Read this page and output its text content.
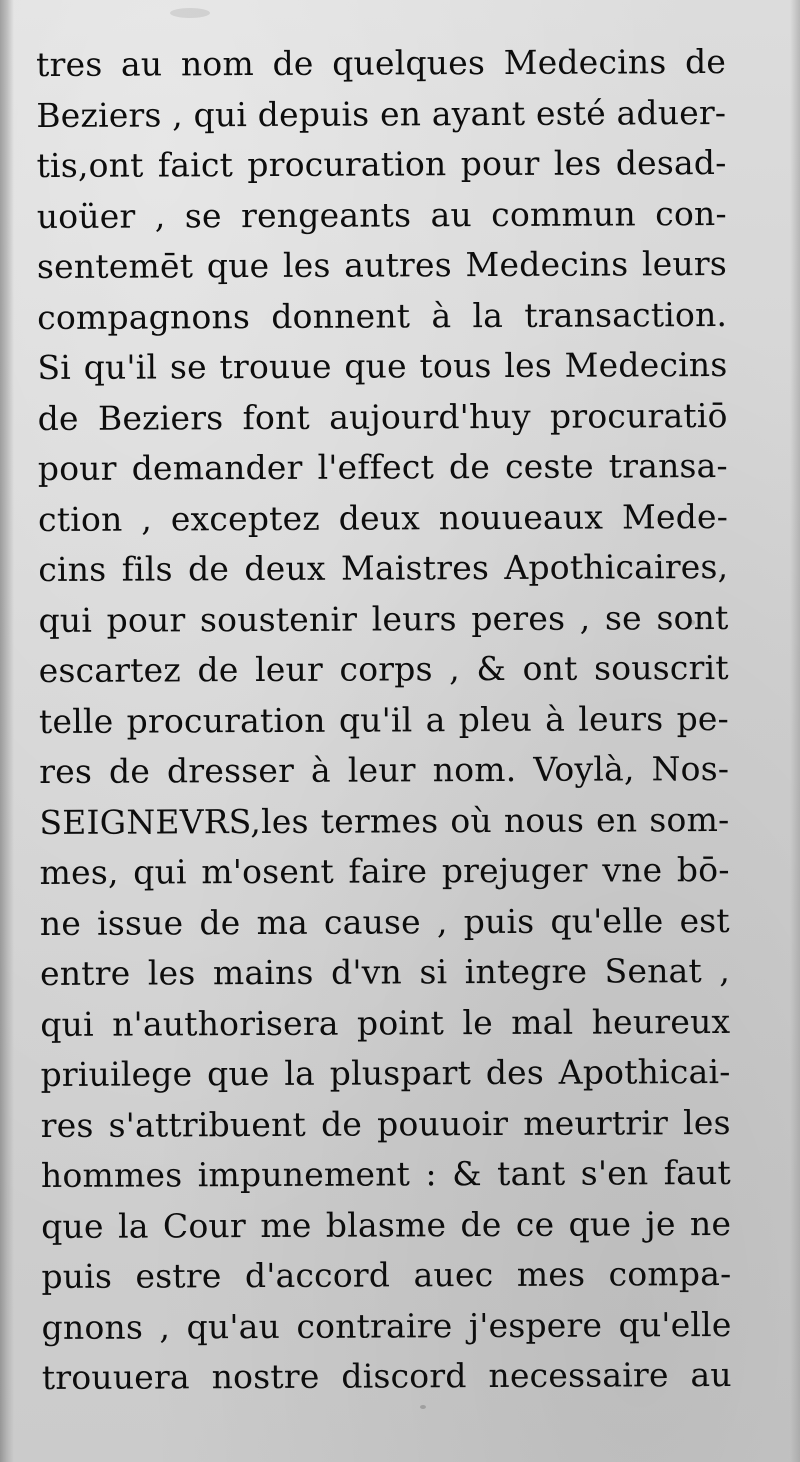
tres au nom de quelques Medecins de
Beziers , qui depuis en ayant esté aduer-
tis,ont faict procuration pour les desad-
uoüer , se rengeants au commun con-
sentemēt que les autres Medecins leurs
compagnons donnent à la transaction.
Si qu'il se trouue que tous les Medecins
de Beziers font aujourd'huy procuratiō
pour demander l'effect de ceste transa-
ction , exceptez deux nouueaux Mede-
cins fils de deux Maistres Apothicaires,
qui pour soustenir leurs peres , se sont
escartez de leur corps , & ont souscrit
telle procuration qu'il a pleu à leurs pe-
res de dresser à leur nom. Voylà, Nos-
SEIGNEVRS,les termes où nous en som-
mes, qui m'osent faire prejuger vne bō-
ne issue de ma cause , puis qu'elle est
entre les mains d'vn si integre Senat ,
qui n'authorisera point le mal heureux
priuilege que la pluspart des Apothicai-
res s'attribuent de pouuoir meurtrir les
hommes impunement : & tant s'en faut
que la Cour me blasme de ce que je ne
puis estre d'accord auec mes compa-
gnons , qu'au contraire j'espere qu'elle
trouuera nostre discord necessaire au
